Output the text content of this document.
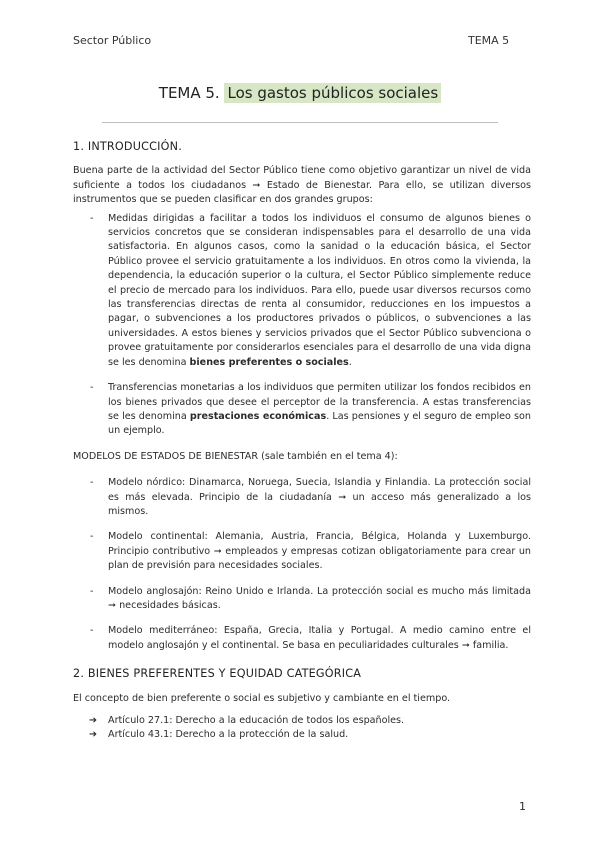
Sector Público	TEMA 5
TEMA 5. Los gastos públicos sociales
1. INTRODUCCIÓN.

Buena parte de la actividad del Sector Público tiene como objetivo garantizar un nivel de vida suficiente a todos los ciudadanos ➞ Estado de Bienestar. Para ello, se utilizan diversos instrumentos que se pueden clasificar en dos grandes grupos:

- Medidas dirigidas a facilitar a todos los individuos el consumo de algunos bienes o servicios concretos que se consideran indispensables para el desarrollo de una vida satisfactoria. En algunos casos, como la sanidad o la educación básica, el Sector Público provee el servicio gratuitamente a los individuos. En otros como la vivienda, la dependencia, la educación superior o la cultura, el Sector Público simplemente reduce el precio de mercado para los individuos. Para ello, puede usar diversos recursos como las transferencias directas de renta al consumidor, reducciones en los impuestos a pagar, o subvenciones a los productores privados o públicos, o subvenciones a las universidades. A estos bienes y servicios privados que el Sector Público subvenciona o provee gratuitamente por considerarlos esenciales para el desarrollo de una vida digna se les denomina bienes preferentes o sociales.
- Transferencias monetarias a los individuos que permiten utilizar los fondos recibidos en los bienes privados que desee el perceptor de la transferencia. A estas transferencias se les denomina prestaciones económicas. Las pensiones y el seguro de empleo son un ejemplo.

MODELOS DE ESTADOS DE BIENESTAR (sale también en el tema 4):

- Modelo nórdico: Dinamarca, Noruega, Suecia, Islandia y Finlandia. La protección social es más elevada. Principio de la ciudadanía ➞ un acceso más generalizado a los mismos.
- Modelo continental: Alemania, Austria, Francia, Bélgica, Holanda y Luxemburgo. Principio contributivo ➞ empleados y empresas cotizan obligatoriamente para crear un plan de previsión para necesidades sociales.
- Modelo anglosajón: Reino Unido e Irlanda. La protección social es mucho más limitada ➞ necesidades básicas.
- Modelo mediterráneo: España, Grecia, Italia y Portugal. A medio camino entre el modelo anglosajón y el continental. Se basa en peculiaridades culturales ➞ familia.
2. BIENES PREFERENTES Y EQUIDAD CATEGÓRICA

El concepto de bien preferente o social es subjetivo y cambiante en el tiempo.

➔ Artículo 27.1: Derecho a la educación de todos los españoles.
➔ Artículo 43.1: Derecho a la protección de la salud.
1
